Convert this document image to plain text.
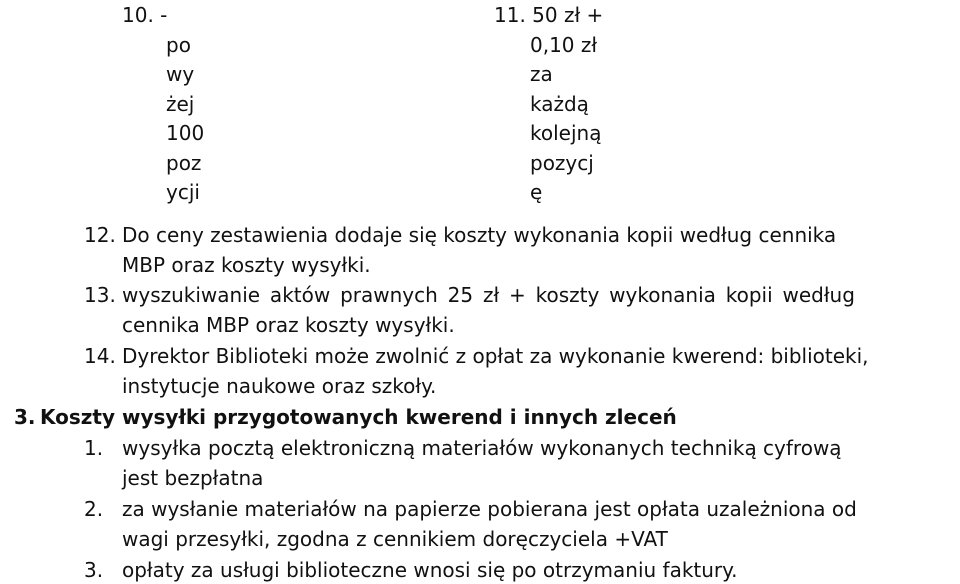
10. -
po
wy
żej
100
poz
ycji
11. 50 zł +
0,10 zł
za
każdą
kolejną
pozycj
ę
12. Do ceny zestawienia dodaje się koszty wykonania kopii według cennika
MBP oraz koszty wysyłki.
13. wyszukiwanie aktów prawnych 25 zł + koszty wykonania kopii według
cennika MBP oraz koszty wysyłki.
14. Dyrektor Biblioteki może zwolnić z opłat za wykonanie kwerend: biblioteki,
instytucje naukowe oraz szkoły.
3. Koszty wysyłki przygotowanych kwerend i innych zleceń
1. wysyłka pocztą elektroniczną materiałów wykonanych techniką cyfrową
jest bezpłatna
2. za wysłanie materiałów na papierze pobierana jest opłata uzależniona od
wagi przesyłki, zgodna z cennikiem doręczyciela +VAT
3. opłaty za usługi biblioteczne wnosi się po otrzymaniu faktury.
